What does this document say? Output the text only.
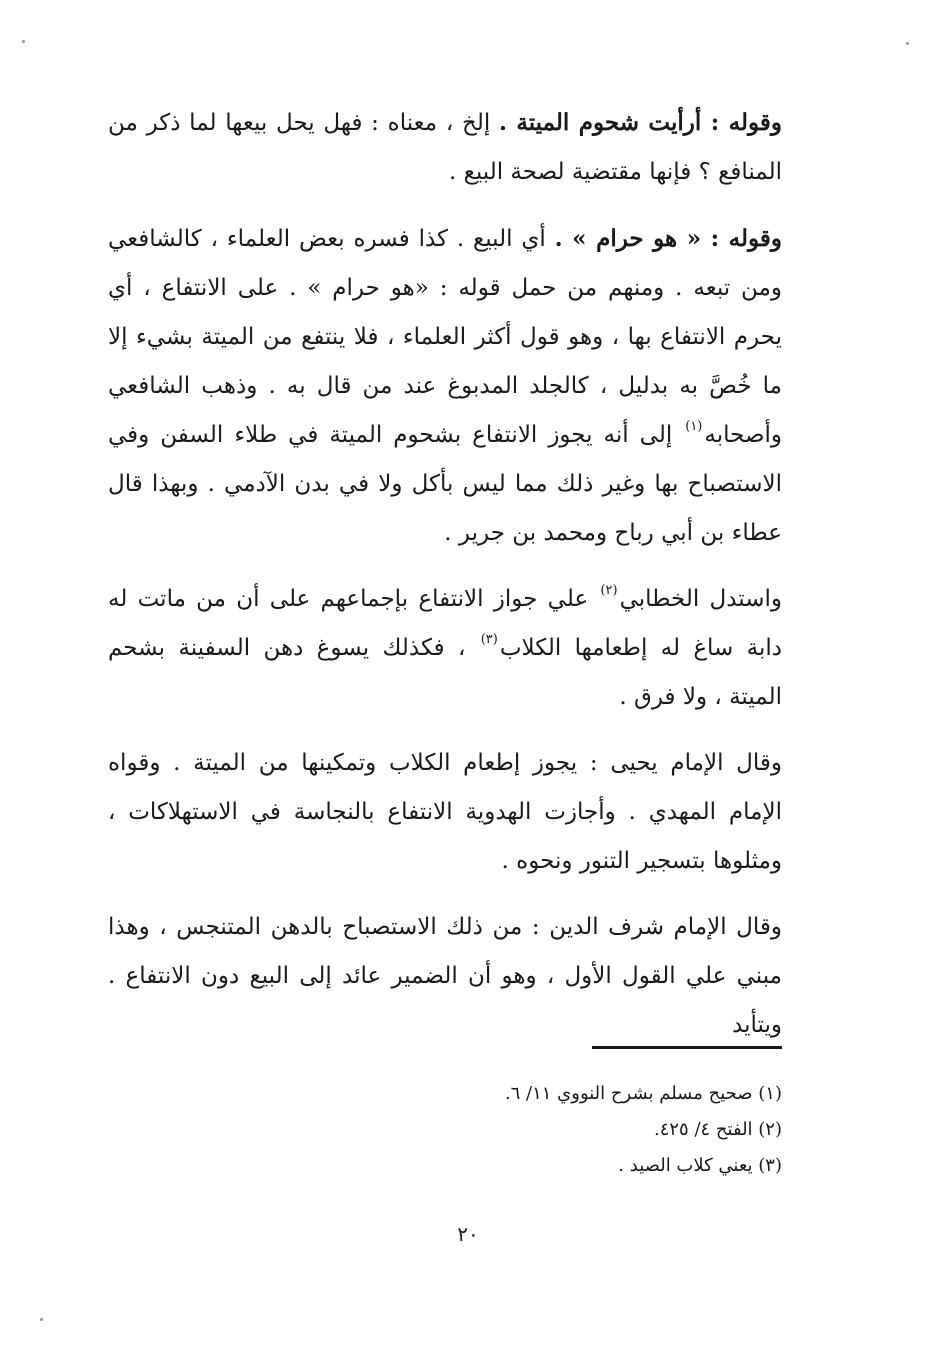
وقوله : أرأيت شحوم الميتة . إلخ ، معناه : فهل يحل بيعها لما ذكر من المنافع ؟ فإنها مقتضية لصحة البيع .

وقوله : « هو حرام » . أي البيع . كذا فسره بعض العلماء ، كالشافعي ومن تبعه . ومنهم من حمل قوله : «هو حرام » . على الانتفاع ، أي يحرم الانتفاع بها ، وهو قول أكثر العلماء ، فلا ينتفع من الميتة بشيء إلا ما خُصَّ به بدليل ، كالجلد المدبوغ عند من قال به . وذهب الشافعي وأصحابه$^{(١)}$ إلى أنه يجوز الانتفاع بشحوم الميتة في طلاء السفن وفي الاستصباح بها وغير ذلك مما ليس بأكل ولا في بدن الآدمي . وبهذا قال عطاء بن أبي رباح ومحمد بن جرير .

واستدل الخطابي$^{(٢)}$ علي جواز الانتفاع بإجماعهم على أن من ماتت له دابة ساغ له إطعامها الكلاب$^{(٣)}$ ، فكذلك يسوغ دهن السفينة بشحم الميتة ، ولا فرق .

وقال الإمام يحيى : يجوز إطعام الكلاب وتمكينها من الميتة . وقواه الإمام المهدي . وأجازت الهدوية الانتفاع بالنجاسة في الاستهلاكات ، ومثلوها بتسجير التنور ونحوه .

وقال الإمام شرف الدين : من ذلك الاستصباح بالدهن المتنجس ، وهذا مبني علي القول الأول ، وهو أن الضمير عائد إلى البيع دون الانتفاع . ويتأيد

(١) صحيح مسلم بشرح النووي ١١/ ٦.
(٢) الفتح ٤/ ٤٢٥.
(٣) يعني كلاب الصيد .
٢٠
